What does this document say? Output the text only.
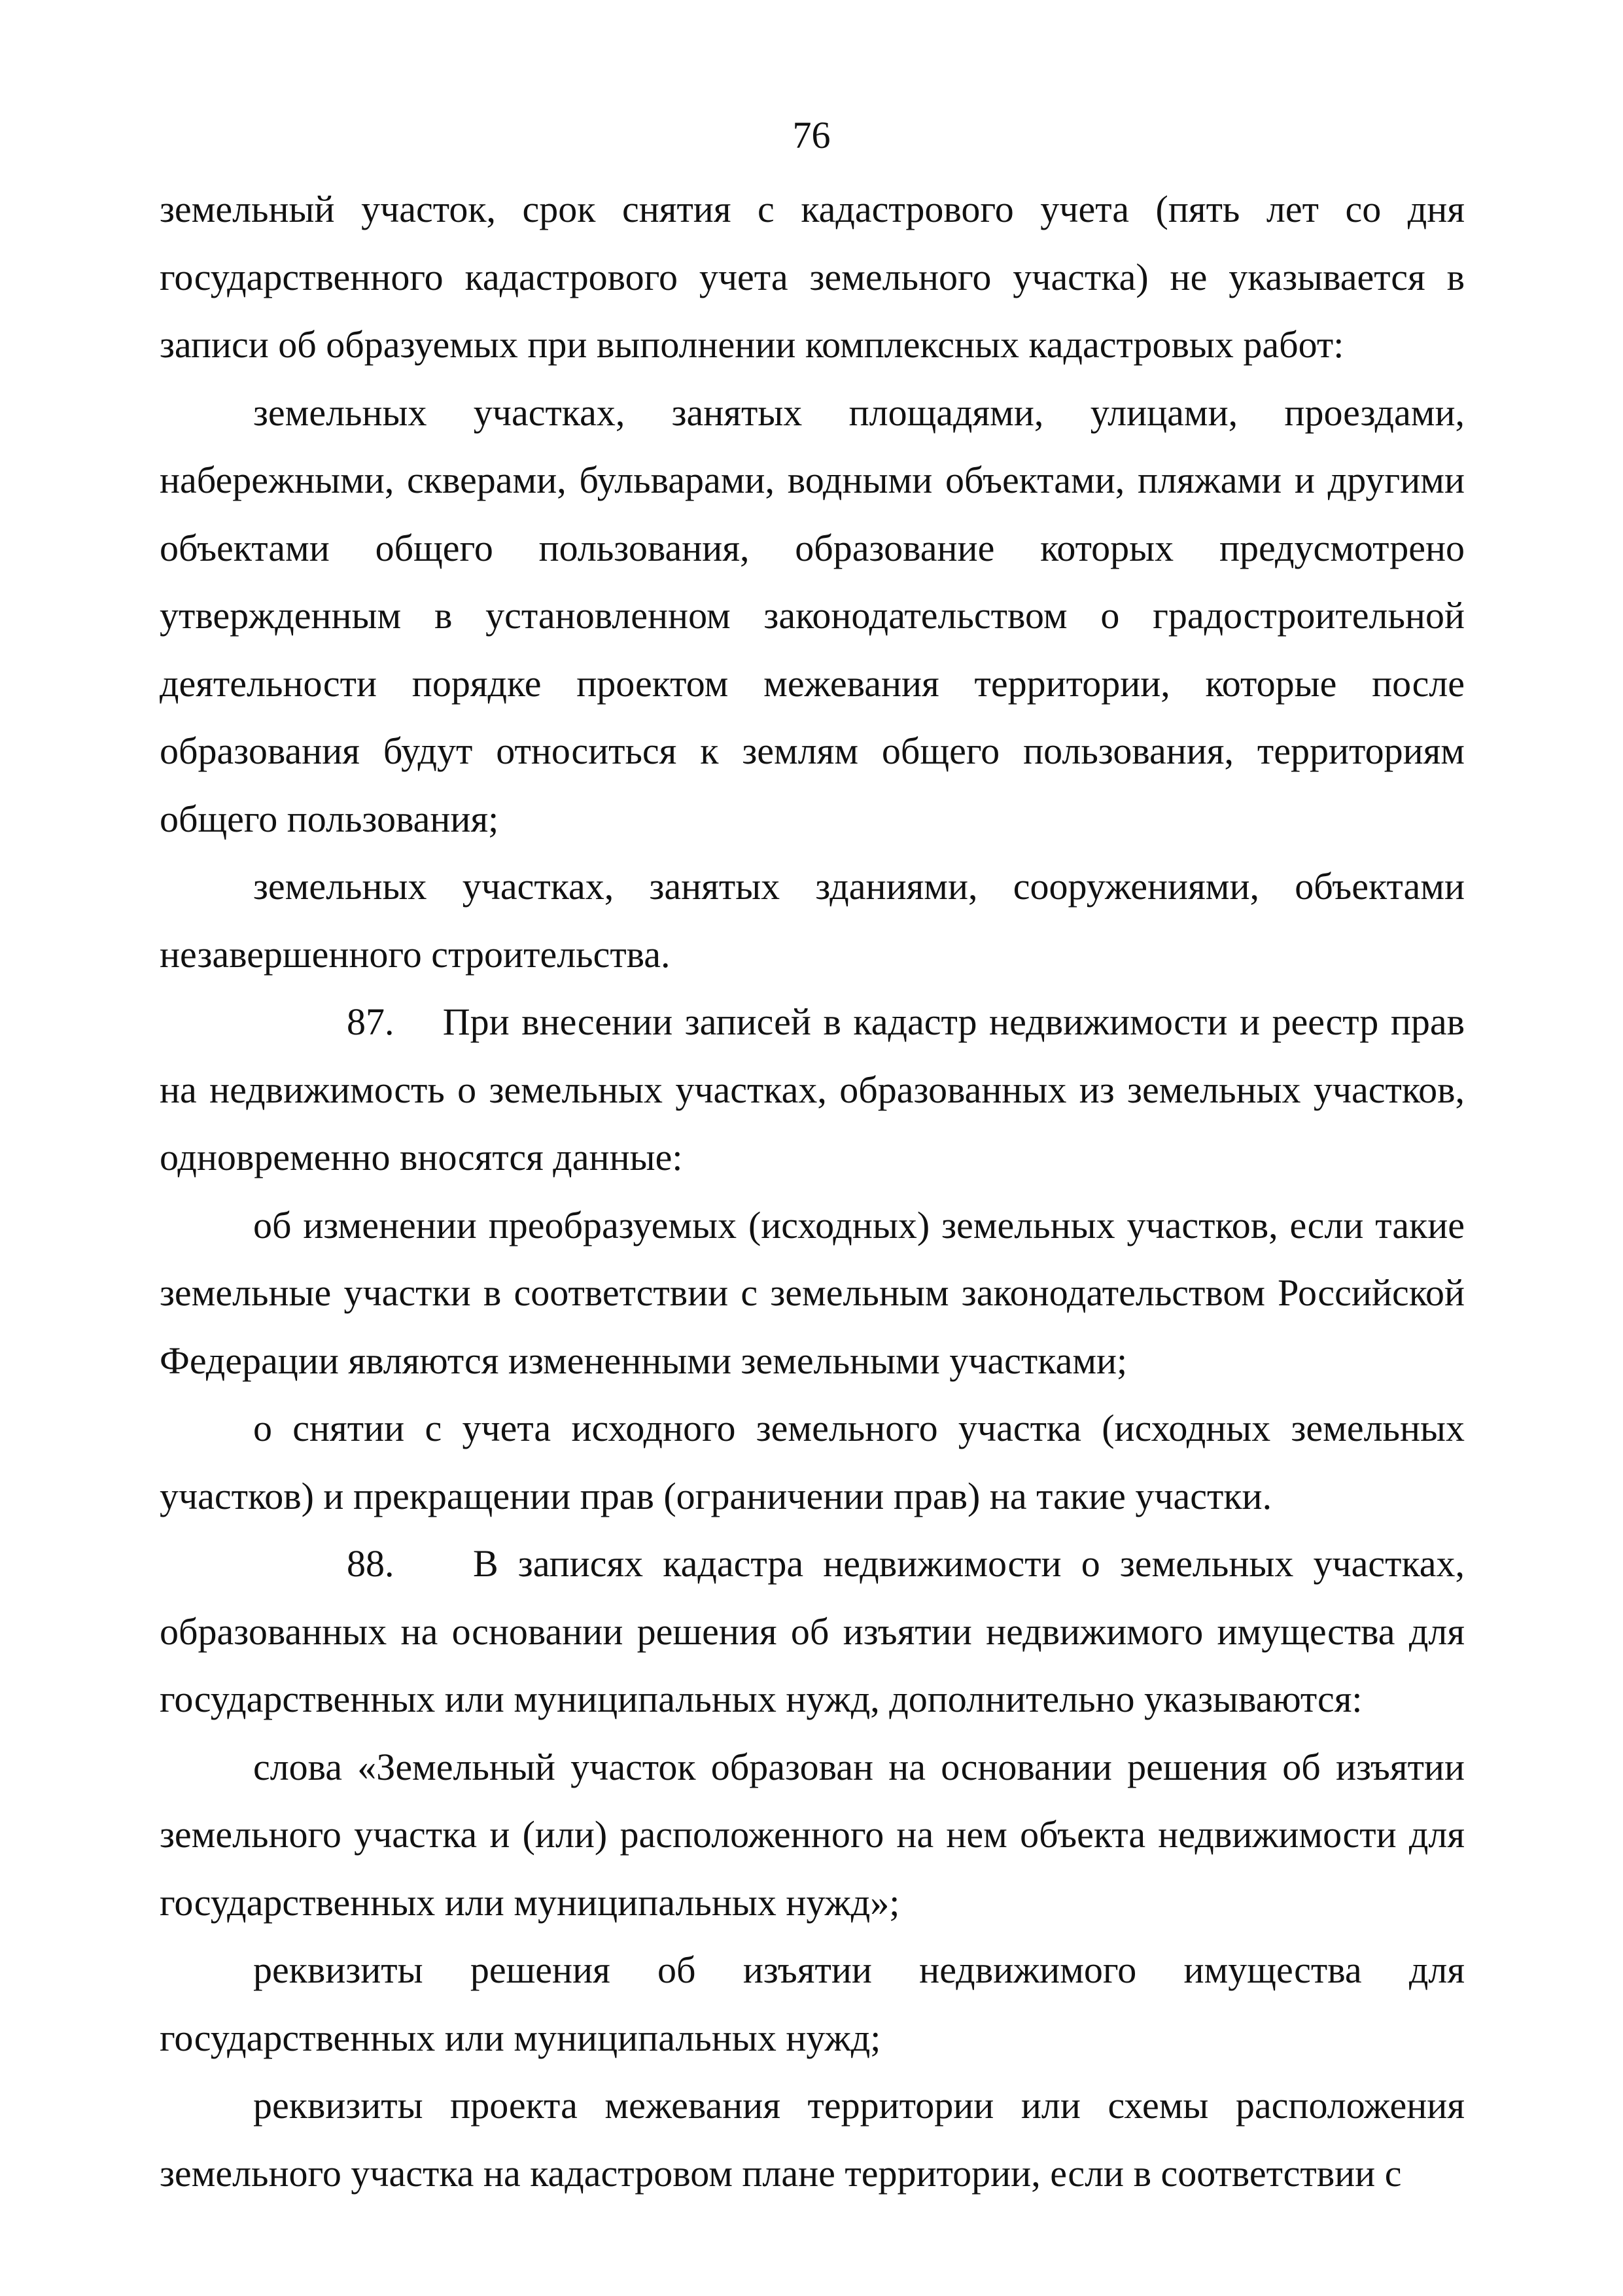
76

земельный участок, срок снятия с кадастрового учета (пять лет со дня государственного кадастрового учета земельного участка) не указывается в записи об образуемых при выполнении комплексных кадастровых работ:

земельных участках, занятых площадями, улицами, проездами, набережными, скверами, бульварами, водными объектами, пляжами и другими объектами общего пользования, образование которых предусмотрено утвержденным в установленном законодательством о градостроительной деятельности порядке проектом межевания территории, которые после образования будут относиться к землям общего пользования, территориям общего пользования;

земельных участках, занятых зданиями, сооружениями, объектами незавершенного строительства.

87. При внесении записей в кадастр недвижимости и реестр прав на недвижимость о земельных участках, образованных из земельных участков, одновременно вносятся данные:

об изменении преобразуемых (исходных) земельных участков, если такие земельные участки в соответствии с земельным законодательством Российской Федерации являются измененными земельными участками;

о снятии с учета исходного земельного участка (исходных земельных участков) и прекращении прав (ограничении прав) на такие участки.

88. В записях кадастра недвижимости о земельных участках, образованных на основании решения об изъятии недвижимого имущества для государственных или муниципальных нужд, дополнительно указываются:

слова «Земельный участок образован на основании решения об изъятии земельного участка и (или) расположенного на нем объекта недвижимости для государственных или муниципальных нужд»;

реквизиты решения об изъятии недвижимого имущества для государственных или муниципальных нужд;

реквизиты проекта межевания территории или схемы расположения земельного участка на кадастровом плане территории, если в соответствии с
